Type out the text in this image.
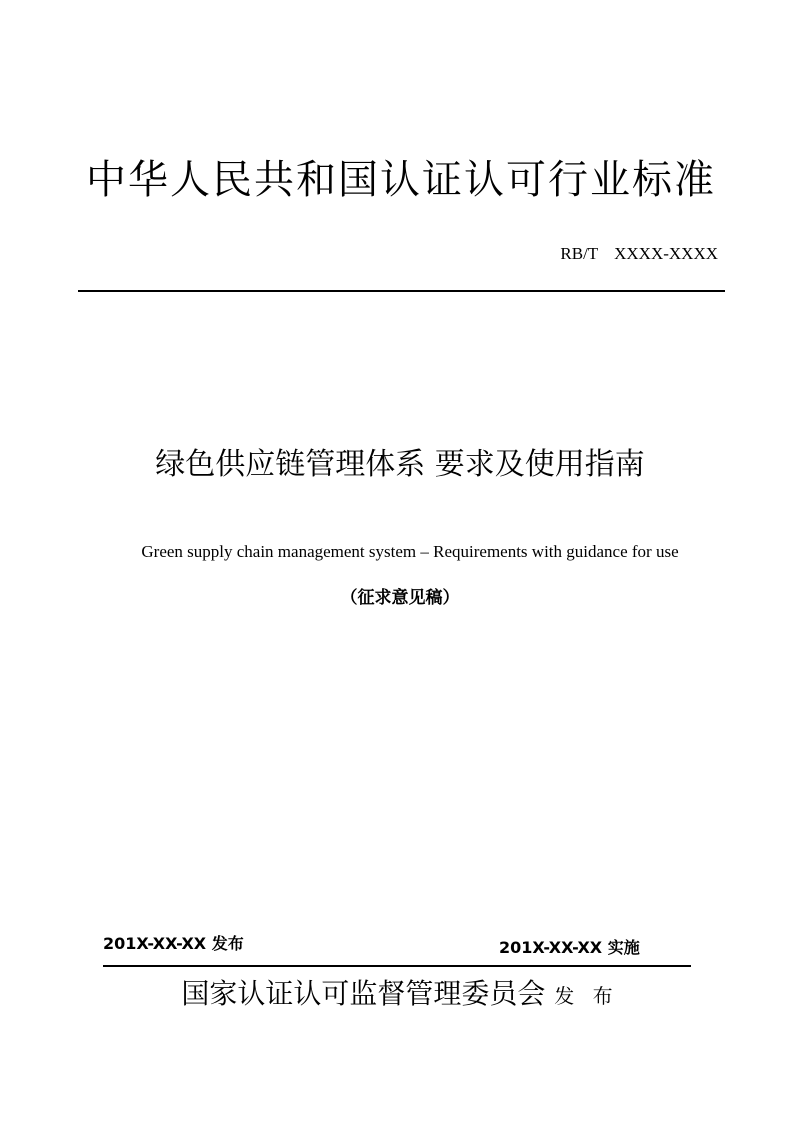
中华人民共和国认证认可行业标准
RB/T XXXX-XXXX
绿色供应链管理体系 要求及使用指南
Green supply chain management system – Requirements with guidance for use
（征求意见稿）
201X-XX-XX 发布	201X-XX-XX 实施
国家认证认可监督管理委员会 发 布
